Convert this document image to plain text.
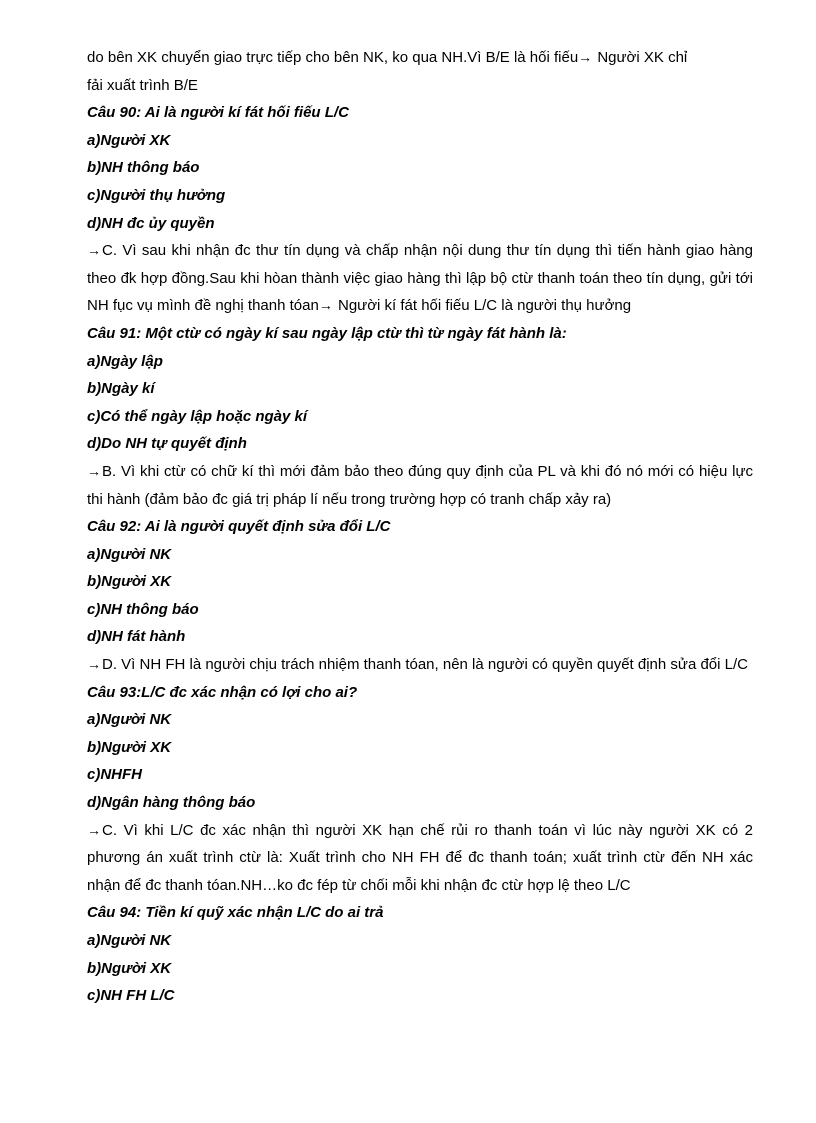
do bên XK chuyển giao trực tiếp cho bên NK, ko qua NH.Vì B/E là hối fiếu→ Người XK chỉ
fải xuất trình B/E

Câu 90: Ai là người kí fát hối fiếu L/C

a)Người XK

b)NH thông báo

c)Người thụ hưởng

d)NH đc ủy quyền

→C. Vì sau khi nhận đc thư tín dụng và chấp nhận nội dung thư tín dụng thì tiến hành giao hàng theo đk hợp đồng.Sau khi hòan thành việc giao hàng thì lập bộ ctừ thanh toán theo tín dụng, gửi tới NH fục vụ mình đề nghị thanh tóan→ Người kí fát hối fiếu L/C là người thụ hưởng

Câu 91: Một ctừ có ngày kí sau ngày lập ctừ thì từ ngày fát hành là:

a)Ngày lập

b)Ngày kí

c)Có thể ngày lập hoặc ngày kí

d)Do NH tự quyết định

→B. Vì khi ctừ có chữ kí thì mới đảm bảo theo đúng quy định của PL và khi đó nó mới có hiệu lực thi hành (đảm bảo đc giá trị pháp lí nếu trong trường hợp có tranh chấp xảy ra)

Câu 92: Ai là người quyết định sửa đổi L/C

a)Người NK

b)Người XK

c)NH thông báo

d)NH fát hành

→D. Vì NH FH là người chịu trách nhiệm thanh tóan, nên là người có quyền quyết định sửa đổi L/C

Câu 93:L/C đc xác nhận có lợi cho ai?

a)Người NK

b)Người XK

c)NHFH

d)Ngân hàng thông báo

→C. Vì khi L/C đc xác nhận thì người XK hạn chế rủi ro thanh toán vì lúc này người XK có 2 phương án xuất trình ctừ là: Xuất trình cho NH FH để đc thanh toán; xuất trình ctừ đến NH xác nhận để đc thanh tóan.NH…ko đc fép từ chối mỗi khi nhận đc ctừ hợp lệ theo L/C

Câu 94: Tiền kí quỹ xác nhận L/C do ai trả

a)Người NK

b)Người XK

c)NH FH L/C
